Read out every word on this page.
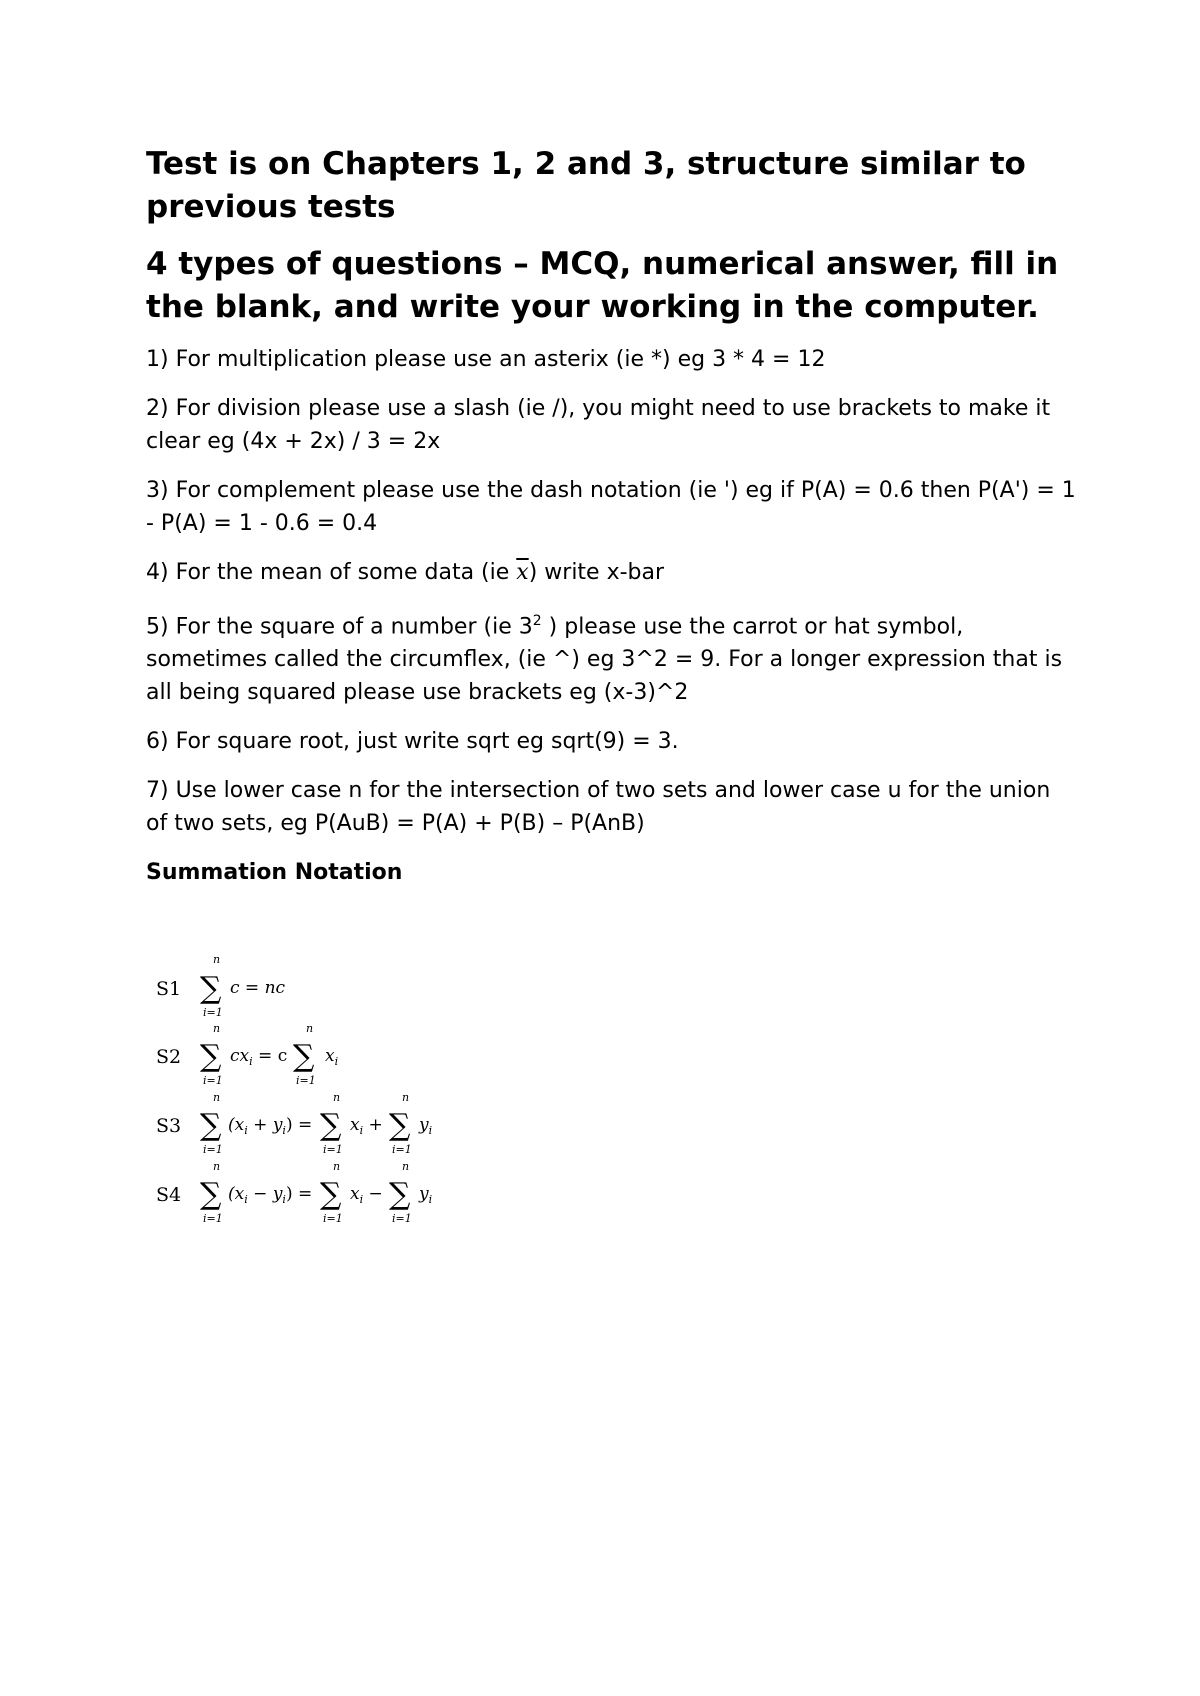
Test is on Chapters 1, 2 and 3, structure similar to previous tests

4 types of questions – MCQ, numerical answer, fill in the blank, and write your working in the computer.

1) For multiplication please use an asterix (ie *) eg 3 * 4 = 12

2) For division please use a slash (ie /), you might need to use brackets to make it clear eg (4x + 2x) / 3 = 2x

3) For complement please use the dash notation (ie ') eg if P(A) = 0.6 then P(A') = 1 - P(A) = 1 - 0.6 = 0.4

4) For the mean of some data (ie $\overline{x}$) write x-bar

5) For the square of a number (ie $3^2$ ) please use the carrot or hat symbol, sometimes called the circumflex, (ie ^) eg 3^2 = 9. For a longer expression that is all being squared please use brackets eg (x-3)^2

6) For square root, just write sqrt eg sqrt(9) = 3.

7) Use lower case n for the intersection of two sets and lower case u for the union of two sets, eg P(AuB) = P(A) + P(B) – P(AnB)

Summation Notation

S1
n
∑
i=1
c = nc
S2
n
∑
i=1
$cx_i = c$
n
∑
i=1
$x_i$
S3
n
∑
i=1
$(x_i + y_i)$ =
n
∑
i=1
$x_i$ +
n
∑
i=1
$y_i$
S4
n
∑
i=1
$(x_i - y_i)$ =
n
∑
i=1
$x_i$ −
n
∑
i=1
$y_i$
